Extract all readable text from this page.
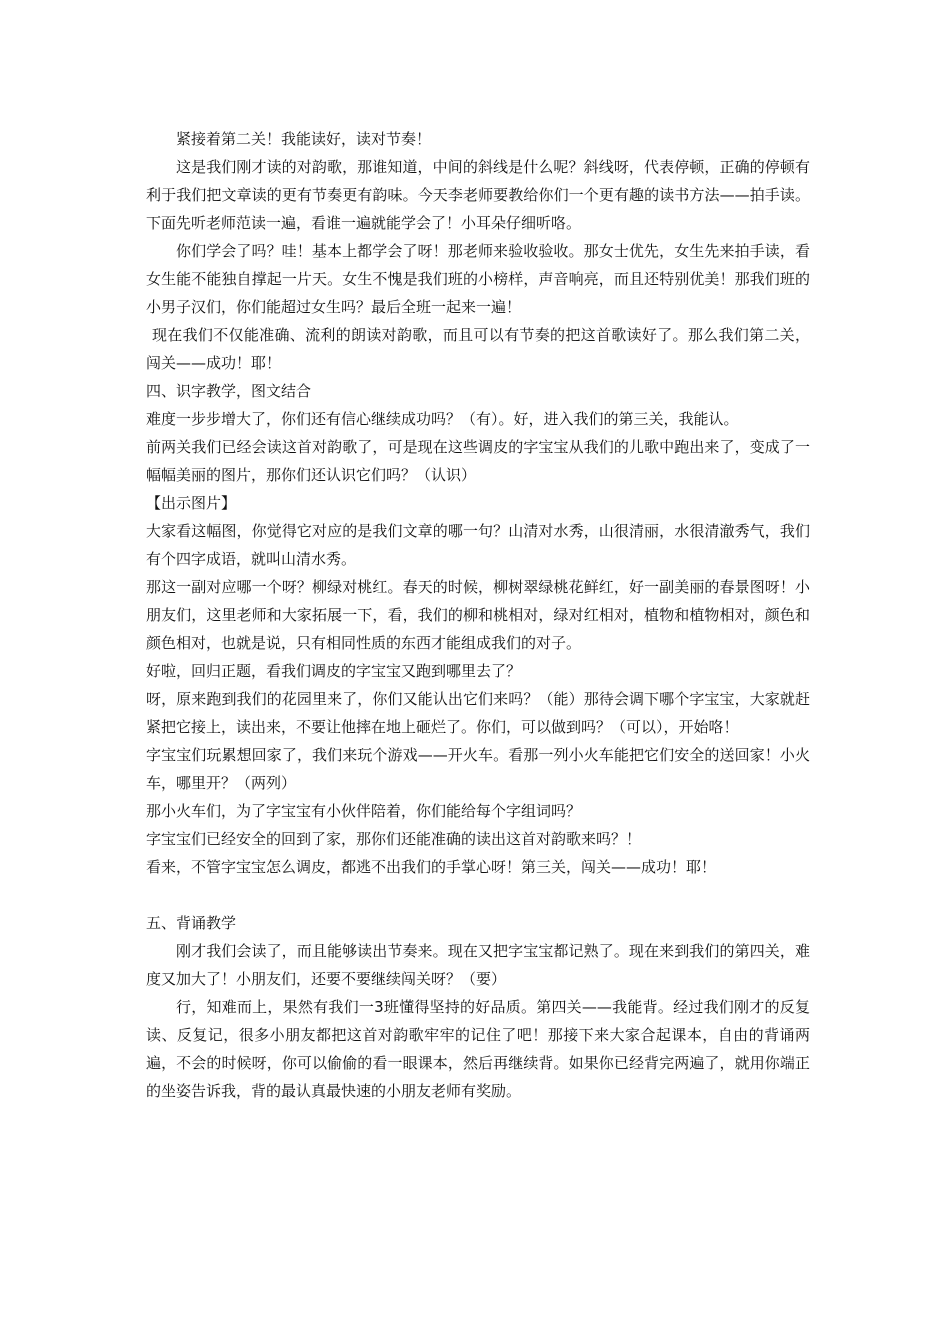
紧接着第二关！我能读好，读对节奏！

这是我们刚才读的对韵歌，那谁知道，中间的斜线是什么呢？斜线呀，代表停顿，正确的停顿有利于我们把文章读的更有节奏更有韵味。今天李老师要教给你们一个更有趣的读书方法——拍手读。下面先听老师范读一遍，看谁一遍就能学会了！小耳朵仔细听咯。

你们学会了吗？哇！基本上都学会了呀！那老师来验收验收。那女士优先，女生先来拍手读，看女生能不能独自撑起一片天。女生不愧是我们班的小榜样，声音响亮，而且还特别优美！那我们班的小男子汉们，你们能超过女生吗？最后全班一起来一遍！

现在我们不仅能准确、流利的朗读对韵歌，而且可以有节奏的把这首歌读好了。那么我们第二关，闯关——成功！耶！

四、识字教学，图文结合

难度一步步增大了，你们还有信心继续成功吗？（有）。好，进入我们的第三关，我能认。

前两关我们已经会读这首对韵歌了，可是现在这些调皮的字宝宝从我们的儿歌中跑出来了，变成了一幅幅美丽的图片，那你们还认识它们吗？（认识）

【出示图片】

大家看这幅图，你觉得它对应的是我们文章的哪一句？山清对水秀，山很清丽，水很清澈秀气，我们有个四字成语，就叫山清水秀。

那这一副对应哪一个呀？柳绿对桃红。春天的时候，柳树翠绿桃花鲜红，好一副美丽的春景图呀！小朋友们，这里老师和大家拓展一下，看，我们的柳和桃相对，绿对红相对，植物和植物相对，颜色和颜色相对，也就是说，只有相同性质的东西才能组成我们的对子。

好啦，回归正题，看我们调皮的字宝宝又跑到哪里去了？

呀，原来跑到我们的花园里来了，你们又能认出它们来吗？（能）那待会调下哪个字宝宝，大家就赶紧把它接上，读出来，不要让他摔在地上砸烂了。你们，可以做到吗？（可以），开始咯！

字宝宝们玩累想回家了，我们来玩个游戏——开火车。看那一列小火车能把它们安全的送回家！小火车，哪里开？（两列）

那小火车们，为了字宝宝有小伙伴陪着，你们能给每个字组词吗？

字宝宝们已经安全的回到了家，那你们还能准确的读出这首对韵歌来吗？！

看来，不管字宝宝怎么调皮，都逃不出我们的手掌心呀！第三关，闯关——成功！耶！

五、背诵教学

刚才我们会读了，而且能够读出节奏来。现在又把字宝宝都记熟了。现在来到我们的第四关，难度又加大了！小朋友们，还要不要继续闯关呀？（要）

行，知难而上，果然有我们一3班懂得坚持的好品质。第四关——我能背。经过我们刚才的反复读、反复记，很多小朋友都把这首对韵歌牢牢的记住了吧！那接下来大家合起课本，自由的背诵两遍，不会的时候呀，你可以偷偷的看一眼课本，然后再继续背。如果你已经背完两遍了，就用你端正的坐姿告诉我，背的最认真最快速的小朋友老师有奖励。
